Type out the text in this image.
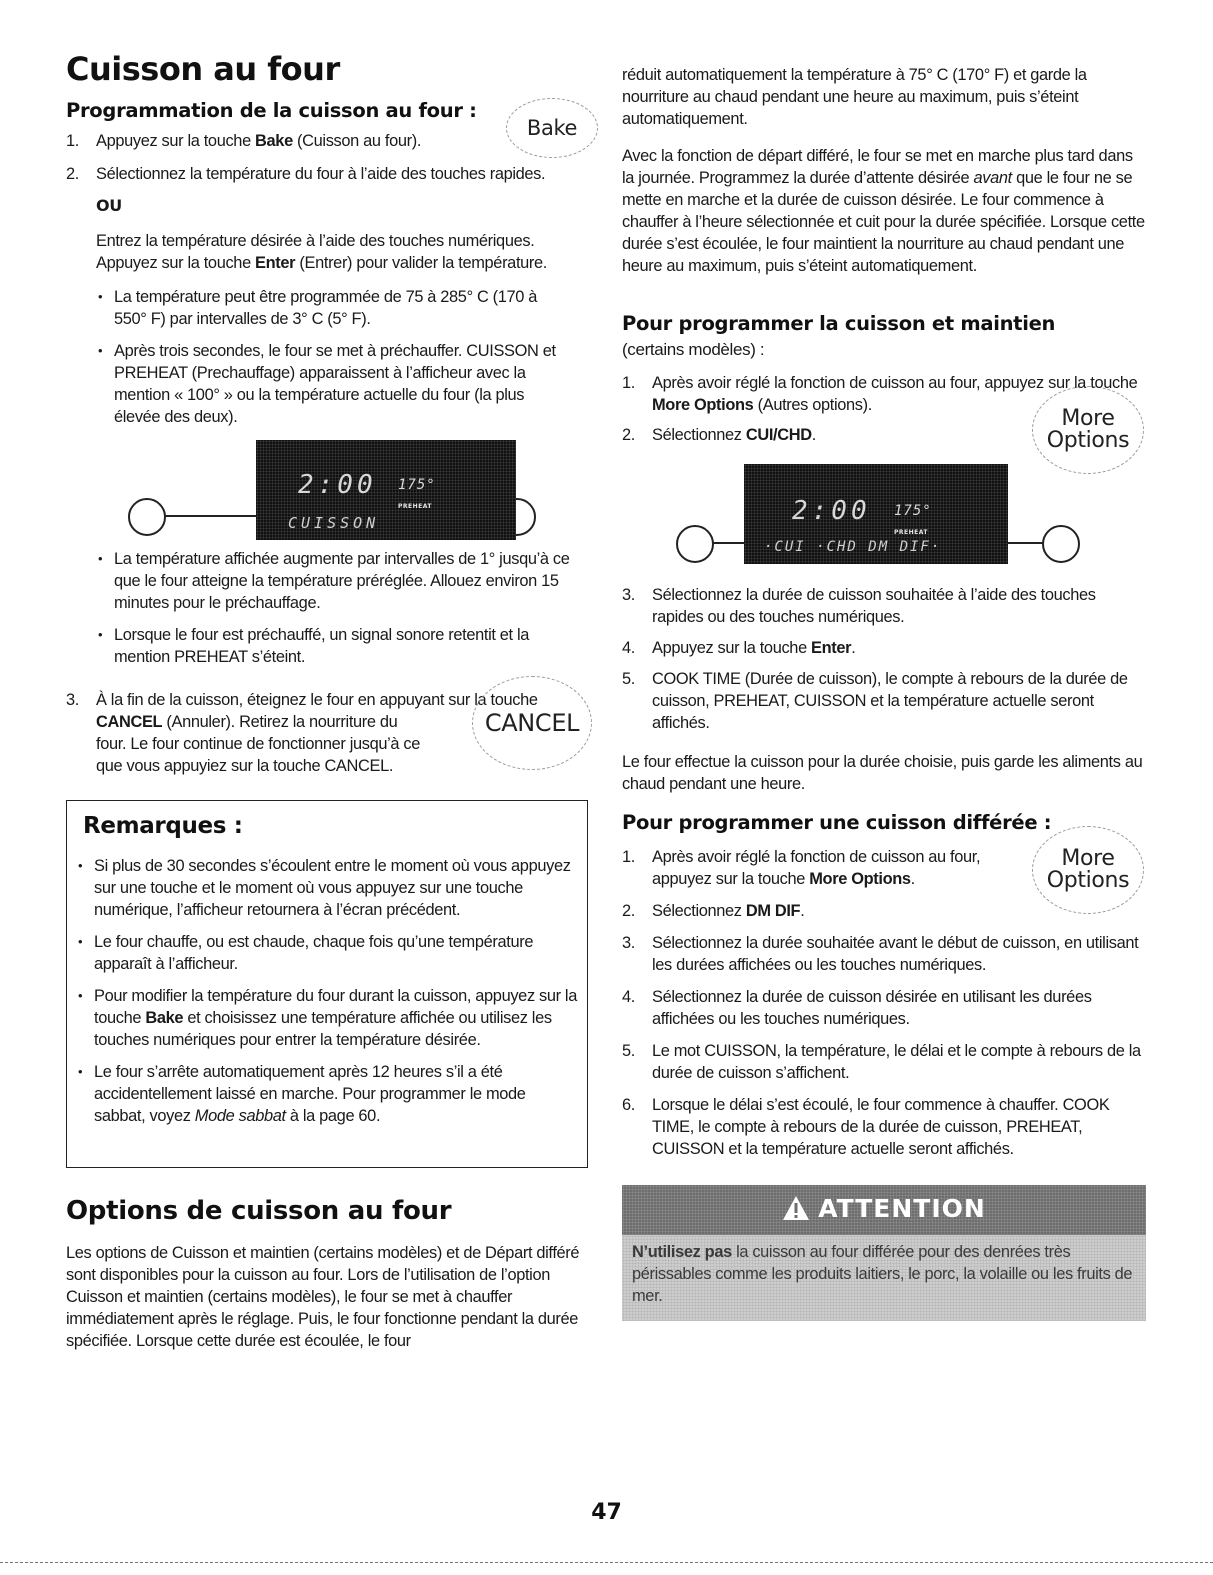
Cuisson au four
Programmation de la cuisson au four :
Bake
1. Appuyez sur la touche Bake (Cuisson au four).
2. Sélectionnez la température du four à l’aide des touches rapides.
OU
Entrez la température désirée à l’aide des touches numériques.
Appuyez sur la touche Enter (Entrer) pour valider la température.
• La température peut être programmée de 75 à 285° C (170 à 550° F) par intervalles de 3° C (5° F).
• Après trois secondes, le four se met à préchauffer. CUISSON et PREHEAT (Prechauffage) apparaissent à l’afficheur avec la mention « 100° » ou la température actuelle du four (la plus élevée des deux).
2:00 175°
PREHEAT
CUISSON
• La température affichée augmente par intervalles de 1° jusqu’à ce que le four atteigne la température préréglée. Allouez environ 15 minutes pour le préchauffage.
• Lorsque le four est préchauffé, un signal sonore retentit et la mention PREHEAT s’éteint.
3. À la fin de la cuisson, éteignez le four en appuyant sur la touche
CANCEL (Annuler). Retirez la nourriture du
four. Le four continue de fonctionner jusqu’à ce
que vous appuyiez sur la touche CANCEL.
CANCEL
Remarques :
• Si plus de 30 secondes s’écoulent entre le moment où vous appuyez sur une touche et le moment où vous appuyez sur une touche numérique, l’afficheur retournera à l’écran précédent.
• Le four chauffe, ou est chaude, chaque fois qu’une température apparaît à l’afficheur.
• Pour modifier la température du four durant la cuisson, appuyez sur la touche Bake et choisissez une température affichée ou utilisez les touches numériques pour entrer la température désirée.
• Le four s’arrête automatiquement après 12 heures s’il a été accidentellement laissé en marche. Pour programmer le mode sabbat, voyez Mode sabbat à la page 60.
Options de cuisson au four
Les options de Cuisson et maintien (certains modèles) et de Départ différé sont disponibles pour la cuisson au four. Lors de l’utilisation de l’option Cuisson et maintien (certains modèles), le four se met à chauffer immédiatement après le réglage. Puis, le four fonctionne pendant la durée spécifiée. Lorsque cette durée est écoulée, le four
réduit automatiquement la température à 75° C (170° F) et garde la nourriture au chaud pendant une heure au maximum, puis s’éteint automatiquement.
Avec la fonction de départ différé, le four se met en marche plus tard dans la journée. Programmez la durée d’attente désirée avant que le four ne se mette en marche et la durée de cuisson désirée. Le four commence à chauffer à l’heure sélectionnée et cuit pour la durée spécifiée. Lorsque cette durée s’est écoulée, le four maintient la nourriture au chaud pendant une heure au maximum, puis s’éteint automatiquement.
Pour programmer la cuisson et maintien
(certains modèles) :
More
Options
1. Après avoir réglé la fonction de cuisson au four, appuyez sur la touche More Options (Autres options).
2. Sélectionnez CUI/CHD.
2:00 175°
PREHEAT
·CUI ·CHD DM DIF·
3. Sélectionnez la durée de cuisson souhaitée à l’aide des touches rapides ou des touches numériques.
4. Appuyez sur la touche Enter.
5. COOK TIME (Durée de cuisson), le compte à rebours de la durée de cuisson, PREHEAT, CUISSON et la température actuelle seront affichés.
Le four effectue la cuisson pour la durée choisie, puis garde les aliments au chaud pendant une heure.
Pour programmer une cuisson différée :
More
Options
1. Après avoir réglé la fonction de cuisson au four, appuyez sur la touche More Options.
2. Sélectionnez DM DIF.
3. Sélectionnez la durée souhaitée avant le début de cuisson, en utilisant les durées affichées ou les touches numériques.
4. Sélectionnez la durée de cuisson désirée en utilisant les durées affichées ou les touches numériques.
5. Le mot CUISSON, la température, le délai et le compte à rebours de la durée de cuisson s’affichent.
6. Lorsque le délai s’est écoulé, le four commence à chauffer. COOK TIME, le compte à rebours de la durée de cuisson, PREHEAT, CUISSON et la température actuelle seront affichés.
ATTENTION
N’utilisez pas la cuisson au four différée pour des denrées très périssables comme les produits laitiers, le porc, la volaille ou les fruits de mer.
47
